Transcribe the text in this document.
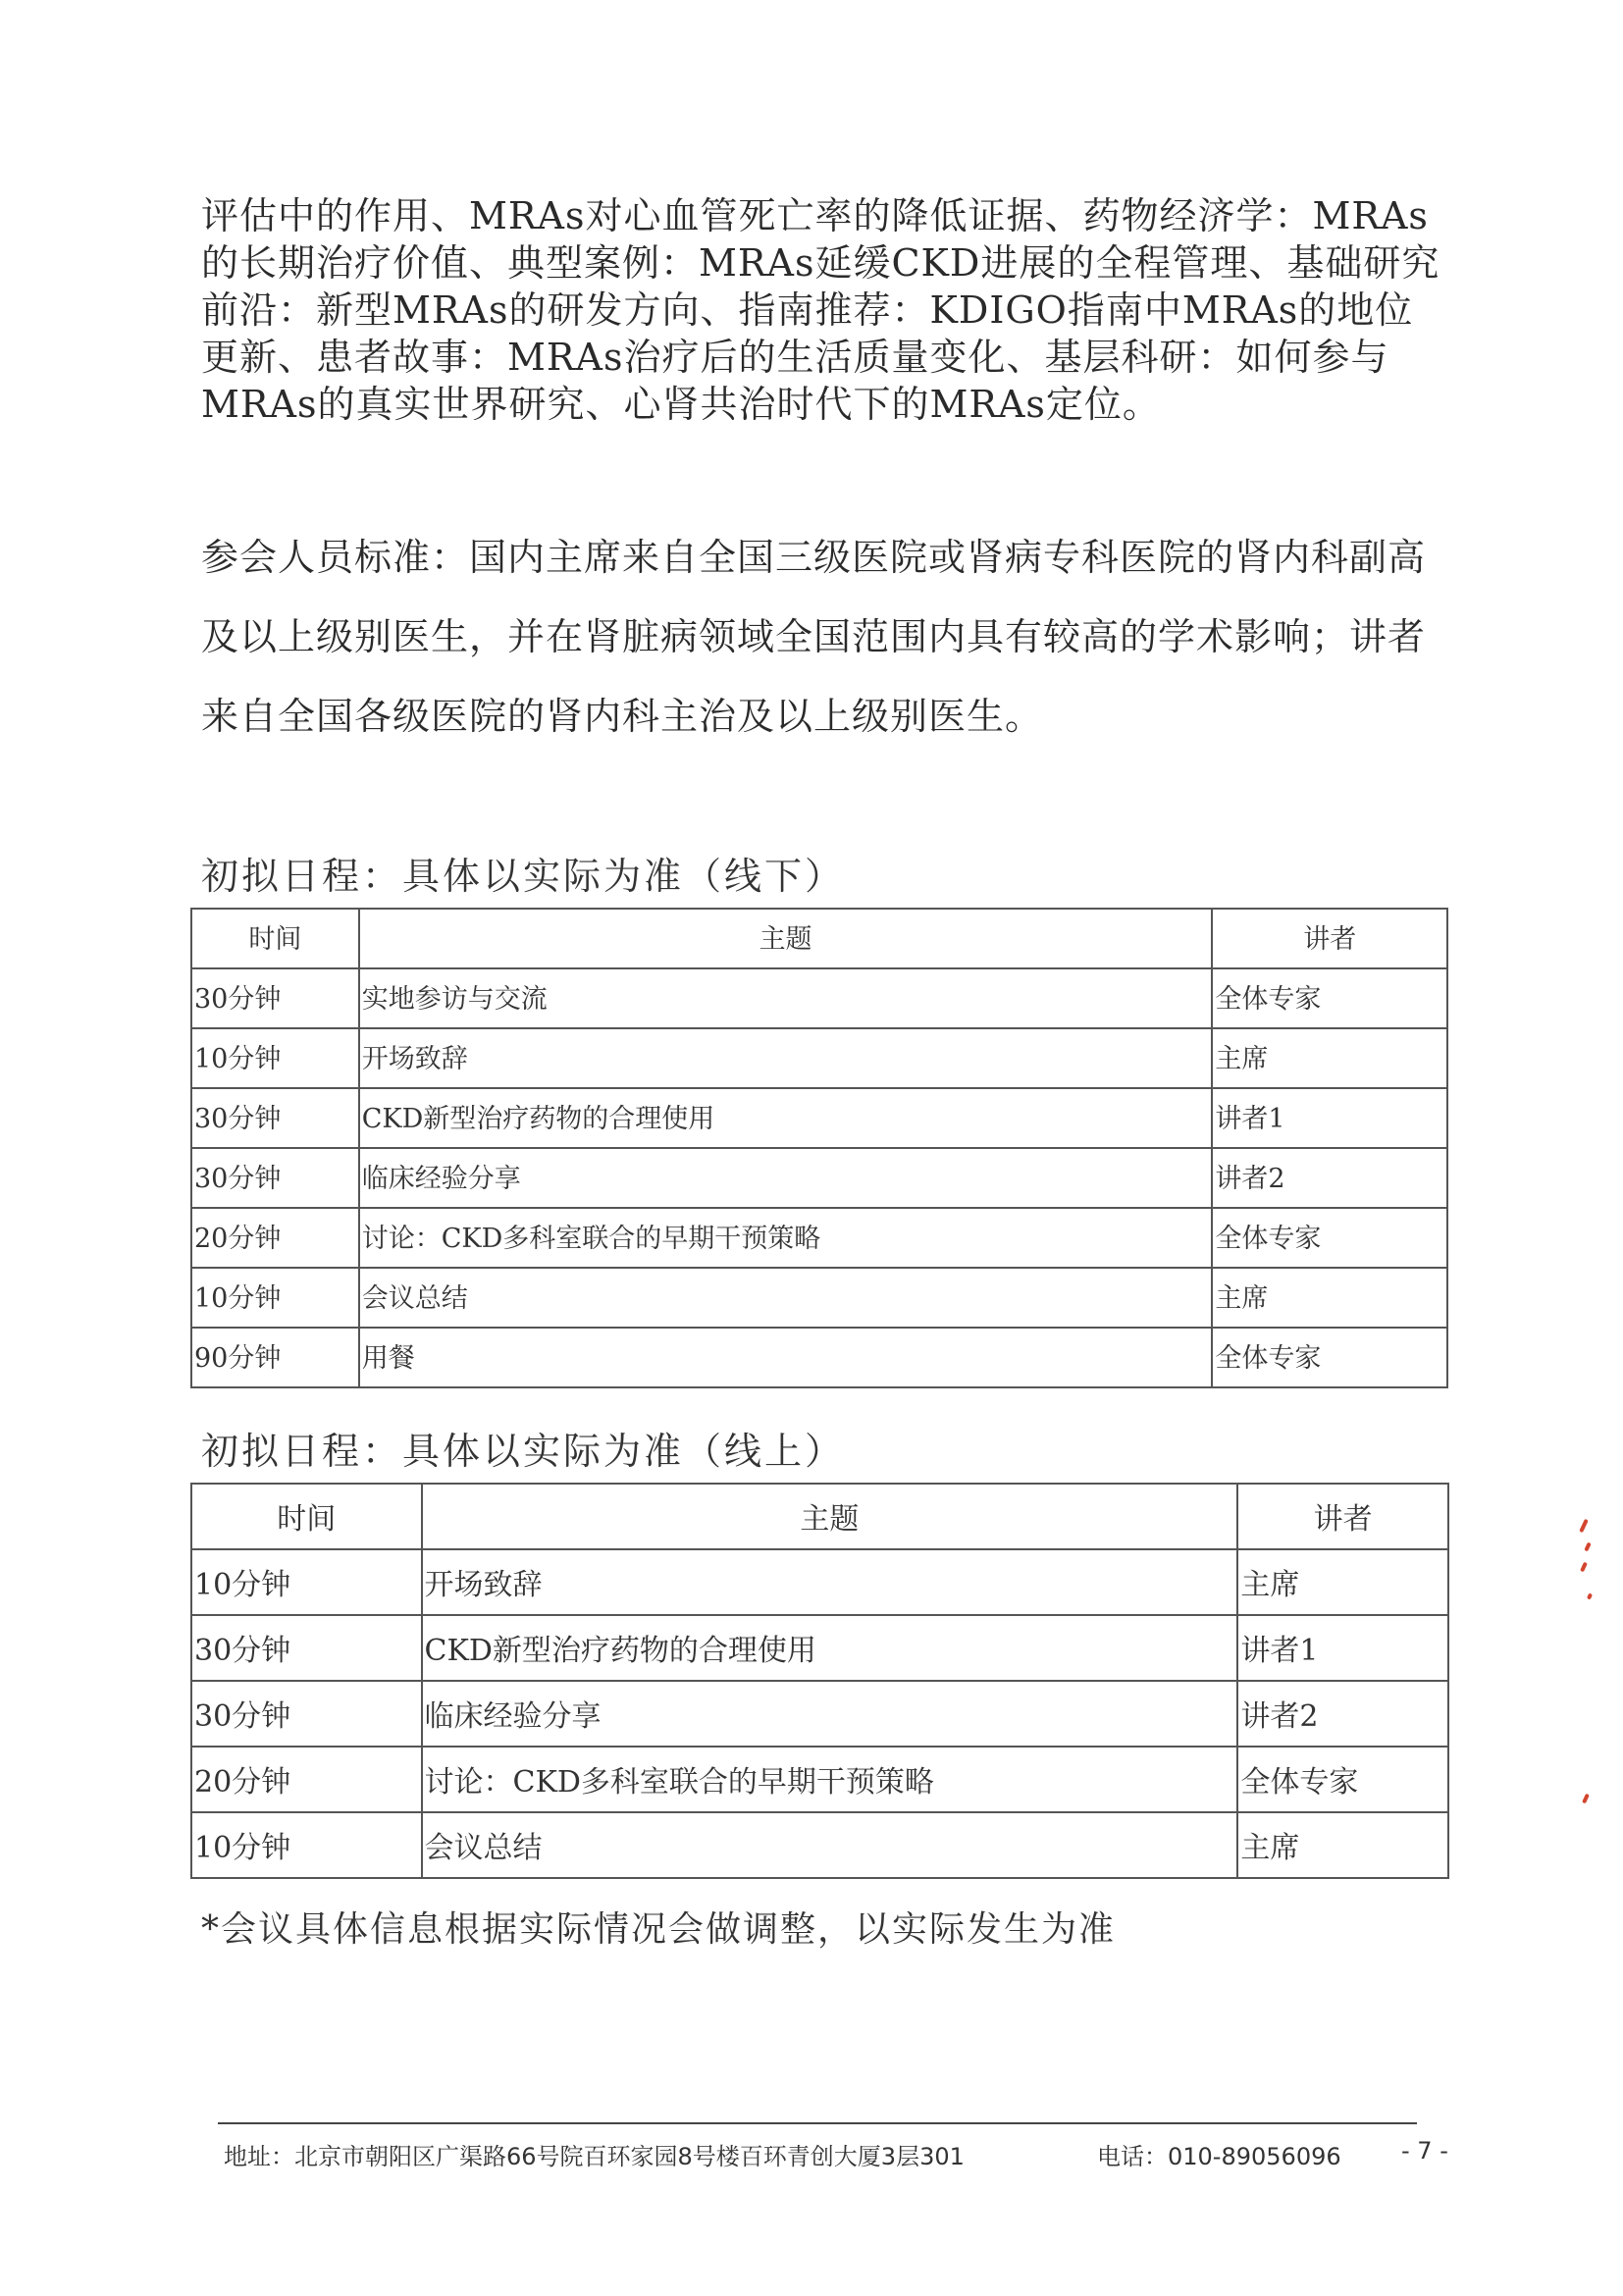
评估中的作用、MRAs对心血管死亡率的降低证据、药物经济学：MRAs的长期治疗价值、典型案例：MRAs延缓CKD进展的全程管理、基础研究前沿：新型MRAs的研发方向、指南推荐：KDIGO指南中MRAs的地位更新、患者故事：MRAs治疗后的生活质量变化、基层科研：如何参与MRAs的真实世界研究、心肾共治时代下的MRAs定位。

参会人员标准：国内主席来自全国三级医院或肾病专科医院的肾内科副高及以上级别医生，并在肾脏病领域全国范围内具有较高的学术影响；讲者来自全国各级医院的肾内科主治及以上级别医生。

初拟日程：具体以实际为准（线下）

时间	主题	讲者
30分钟	实地参访与交流	全体专家
10分钟	开场致辞	主席
30分钟	CKD新型治疗药物的合理使用	讲者1
30分钟	临床经验分享	讲者2
20分钟	讨论：CKD多科室联合的早期干预策略	全体专家
10分钟	会议总结	主席
90分钟	用餐	全体专家

初拟日程：具体以实际为准（线上）

时间	主题	讲者
10分钟	开场致辞	主席
30分钟	CKD新型治疗药物的合理使用	讲者1
30分钟	临床经验分享	讲者2
20分钟	讨论：CKD多科室联合的早期干预策略	全体专家
10分钟	会议总结	主席

*会议具体信息根据实际情况会做调整，以实际发生为准

地址：北京市朝阳区广渠路66号院百环家园8号楼百环青创大厦3层301	电话：010-89056096	- 7 -
